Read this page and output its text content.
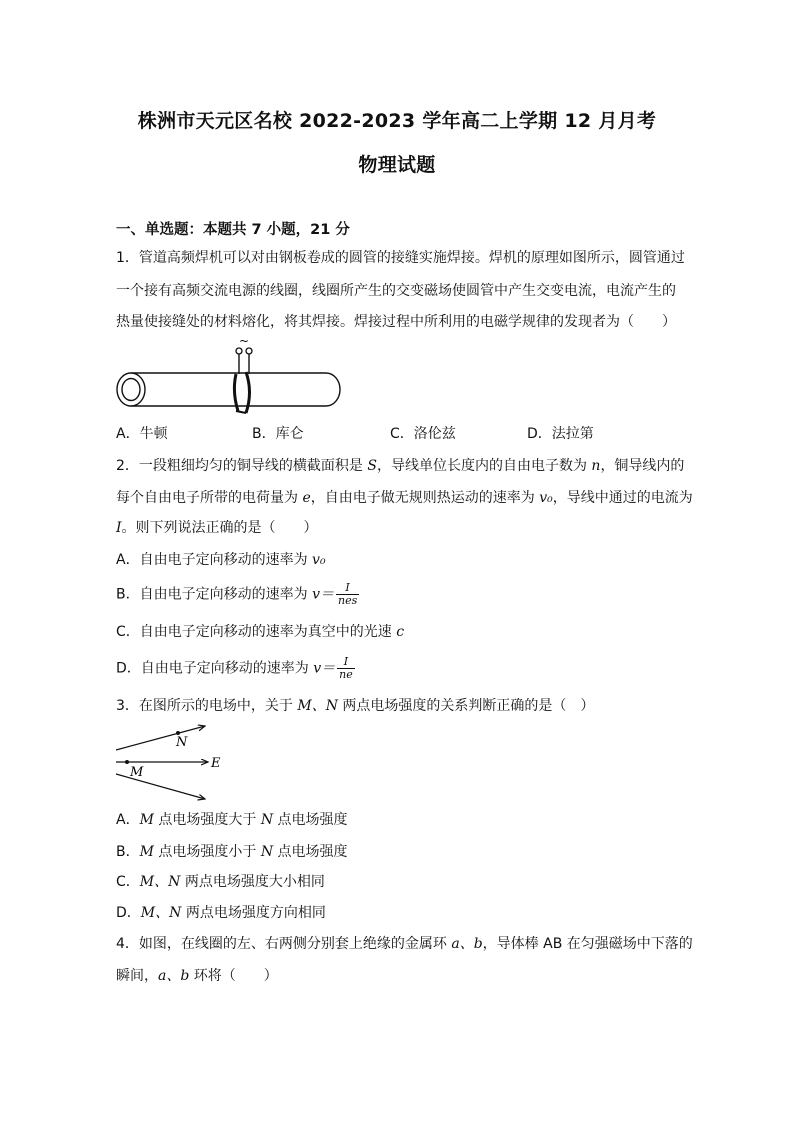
株洲市天元区名校 2022-2023 学年高二上学期 12 月月考
物理试题
一、单选题：本题共 7 小题，21 分
1．管道高频焊机可以对由钢板卷成的圆管的接缝实施焊接。焊机的原理如图所示，圆管通过
一个接有高频交流电源的线圈，线圈所产生的交变磁场使圆管中产生交变电流，电流产生的
热量使接缝处的材料熔化，将其焊接。焊接过程中所利用的电磁学规律的发现者为（　　）
~
A．牛顿	B．库仑	C．洛伦兹	D．法拉第
2．一段粗细均匀的铜导线的横截面积是 S，导线单位长度内的自由电子数为 n，铜导线内的
每个自由电子所带的电荷量为 e，自由电子做无规则热运动的速率为 v₀，导线中通过的电流为
I。则下列说法正确的是（　　）
A．自由电子定向移动的速率为 v₀
B．自由电子定向移动的速率为 $v= \frac{I}{\text{nes}}$
C．自由电子定向移动的速率为真空中的光速 c
D．自由电子定向移动的速率为 $v= \frac{I}{ne}$
3．在图所示的电场中，关于 M、N 两点电场强度的关系判断正确的是（　）
N
M
E
A．M 点电场强度大于 N 点电场强度
B．M 点电场强度小于 N 点电场强度
C．M、N 两点电场强度大小相同
D．M、N 两点电场强度方向相同
4．如图，在线圈的左、右两侧分别套上绝缘的金属环 a、b，导体棒 AB 在匀强磁场中下落的
瞬间，a、b 环将（　　）
